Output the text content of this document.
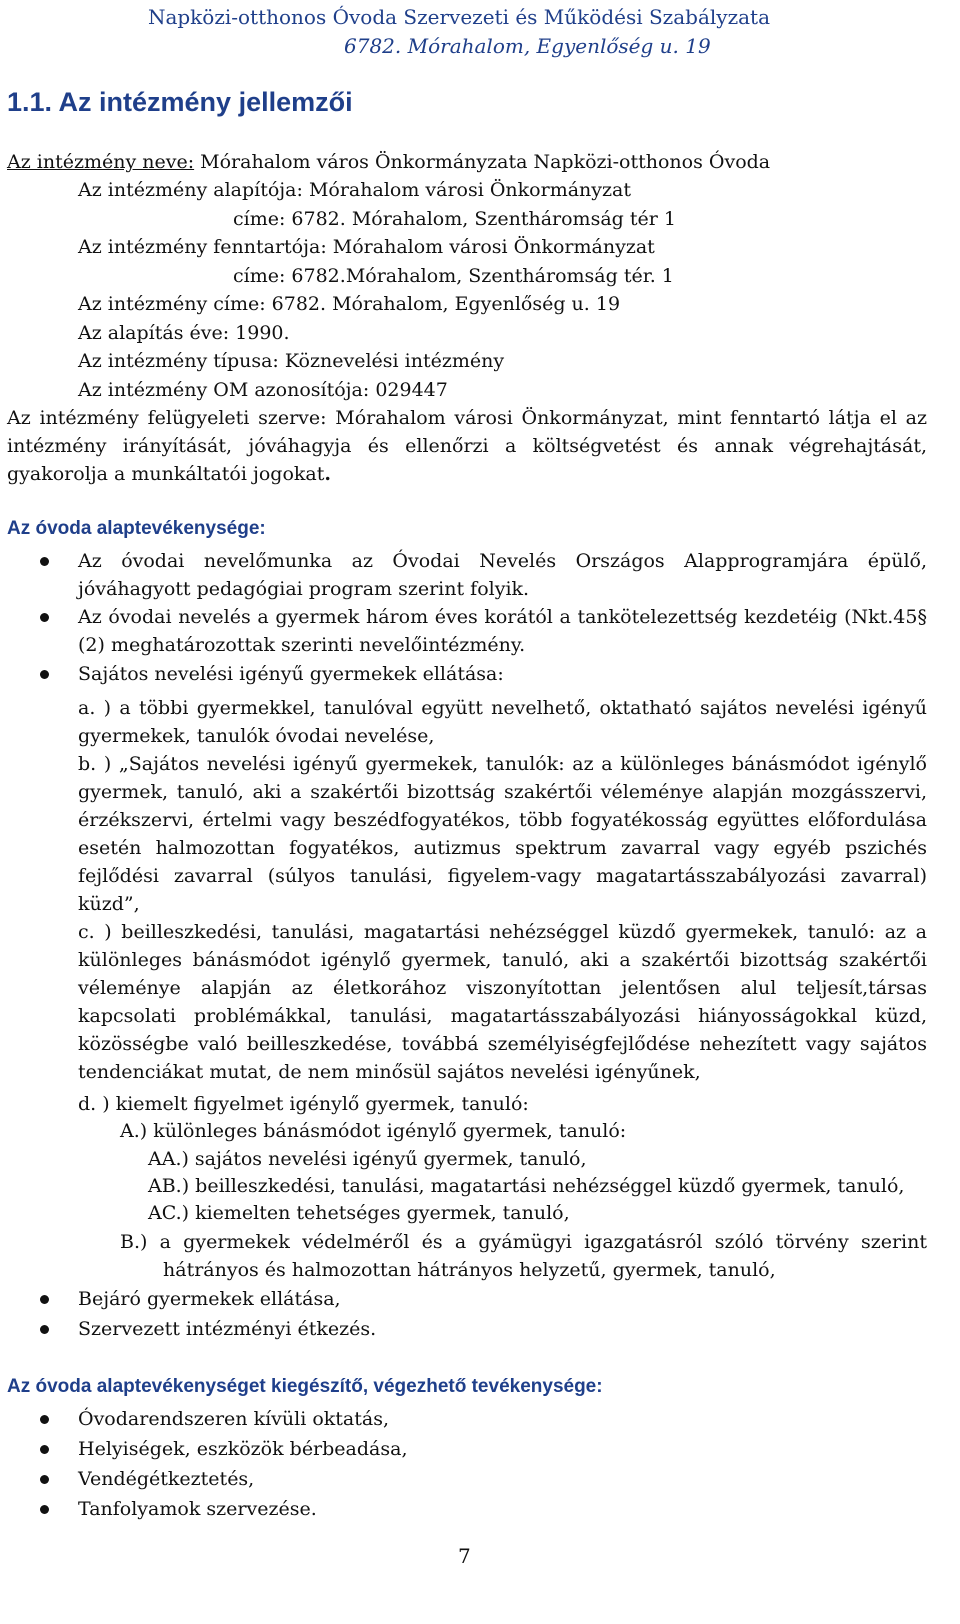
Napközi-otthonos Óvoda Szervezeti és Működési Szabályzata
6782. Mórahalom, Egyenlőség u. 19
1.1. Az intézmény jellemzői
Az intézmény neve: Mórahalom város Önkormányzata Napközi-otthonos Óvoda
Az intézmény alapítója: Mórahalom városi Önkormányzat
címe: 6782. Mórahalom, Szentháromság tér 1
Az intézmény fenntartója: Mórahalom városi Önkormányzat
címe: 6782.Mórahalom, Szentháromság tér. 1
Az intézmény címe: 6782. Mórahalom, Egyenlőség u. 19
Az alapítás éve: 1990.
Az intézmény típusa: Köznevelési intézmény
Az intézmény OM azonosítója: 029447
Az intézmény felügyeleti szerve: Mórahalom városi Önkormányzat, mint fenntartó látja el az intézmény irányítását, jóváhagyja és ellenőrzi a költségvetést és annak végrehajtását, gyakorolja a munkáltatói jogokat.
Az óvoda alaptevékenysége:
Az óvodai nevelőmunka az Óvodai Nevelés Országos Alapprogramjára épülő, jóváhagyott pedagógiai program szerint folyik.
Az óvodai nevelés a gyermek három éves korától a tankötelezettség kezdetéig (Nkt.45§ (2) meghatározottak szerinti nevelőintézmény.
Sajátos nevelési igényű gyermekek ellátása:
a. ) a többi gyermekkel, tanulóval együtt nevelhető, oktatható sajátos nevelési igényű gyermekek, tanulók óvodai nevelése,
b. ) „Sajátos nevelési igényű gyermekek, tanulók: az a különleges bánásmódot igénylő gyermek, tanuló, aki a szakértői bizottság szakértői véleménye alapján mozgásszervi, érzékszervi, értelmi vagy beszédfogyatékos, több fogyatékosság együttes előfordulása esetén halmozottan fogyatékos, autizmus spektrum zavarral vagy egyéb pszichés fejlődési zavarral (súlyos tanulási, figyelem-vagy magatartásszabályozási zavarral) küzd”,
c. ) beilleszkedési, tanulási, magatartási nehézséggel küzdő gyermekek, tanuló: az a különleges bánásmódot igénylő gyermek, tanuló, aki a szakértői bizottság szakértői véleménye alapján az életkorához viszonyítottan jelentősen alul teljesít,társas kapcsolati problémákkal, tanulási, magatartásszabályozási hiányosságokkal küzd, közösségbe való beilleszkedése, továbbá személyiségfejlődése nehezített vagy sajátos tendenciákat mutat, de nem minősül sajátos nevelési igényűnek,
d. ) kiemelt figyelmet igénylő gyermek, tanuló:
A.) különleges bánásmódot igénylő gyermek, tanuló:
AA.) sajátos nevelési igényű gyermek, tanuló,
AB.) beilleszkedési, tanulási, magatartási nehézséggel küzdő gyermek, tanuló,
AC.) kiemelten tehetséges gyermek, tanuló,
B.) a gyermekek védelméről és a gyámügyi igazgatásról szóló törvény szerint
hátrányos és halmozottan hátrányos helyzetű, gyermek, tanuló,
Bejáró gyermekek ellátása,
Szervezett intézményi étkezés.
Az óvoda alaptevékenységet kiegészítő, végezhető tevékenysége:
Óvodarendszeren kívüli oktatás,
Helyiségek, eszközök bérbeadása,
Vendégétkeztetés,
Tanfolyamok szervezése.
7
